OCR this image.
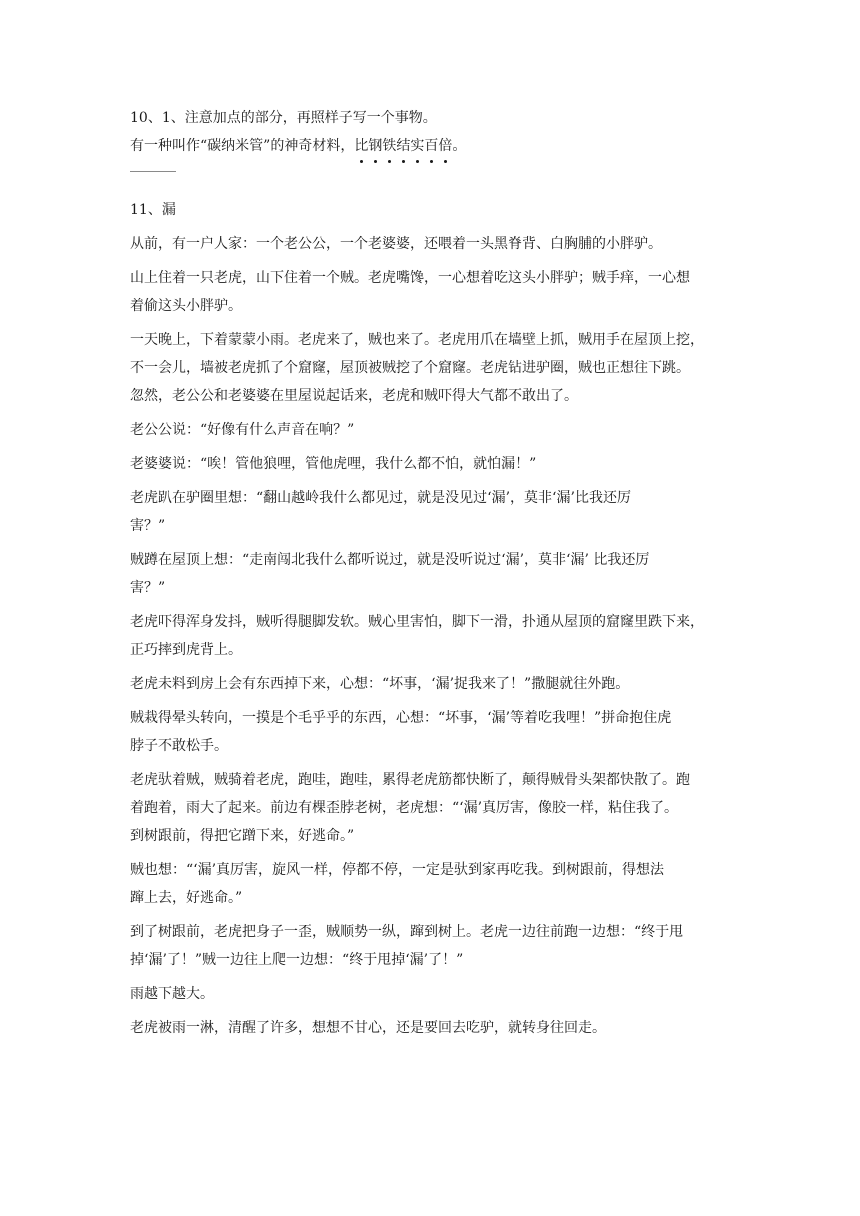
10、1、注意加点的部分，再照样子写一个事物。

有一种叫作“碳纳米管”的神奇材料，比钢铁结实百倍。

11、漏

从前，有一户人家：一个老公公，一个老婆婆，还喂着一头黑脊背、白胸脯的小胖驴。

山上住着一只老虎，山下住着一个贼。老虎嘴馋，一心想着吃这头小胖驴；贼手痒，一心想
着偷这头小胖驴。

一天晚上，下着蒙蒙小雨。老虎来了，贼也来了。老虎用爪在墙壁上抓，贼用手在屋顶上挖，
不一会儿，墙被老虎抓了个窟窿，屋顶被贼挖了个窟窿。老虎钻进驴圈，贼也正想往下跳。
忽然，老公公和老婆婆在里屋说起话来，老虎和贼吓得大气都不敢出了。

老公公说：“好像有什么声音在响？”

老婆婆说：“唉！管他狼哩，管他虎哩，我什么都不怕，就怕漏！”

老虎趴在驴圈里想：“翻山越岭我什么都见过，就是没见过‘漏’，莫非‘漏’比我还厉
害？”

贼蹲在屋顶上想：“走南闯北我什么都听说过，就是没听说过‘漏’，莫非‘漏’ 比我还厉
害？”

老虎吓得浑身发抖，贼听得腿脚发软。贼心里害怕，脚下一滑，扑通从屋顶的窟窿里跌下来，
正巧摔到虎背上。

老虎未料到房上会有东西掉下来，心想：“坏事，‘漏’捉我来了！”撒腿就往外跑。

贼栽得晕头转向，一摸是个毛乎乎的东西，心想：“坏事，‘漏’等着吃我哩！”拼命抱住虎
脖子不敢松手。

老虎驮着贼，贼骑着老虎，跑哇，跑哇，累得老虎筋都快断了，颠得贼骨头架都快散了。跑
着跑着，雨大了起来。前边有棵歪脖老树，老虎想：“‘漏’真厉害，像胶一样，粘住我了。
到树跟前，得把它蹭下来，好逃命。”

贼也想：“‘漏’真厉害，旋风一样，停都不停，一定是驮到家再吃我。到树跟前，得想法
蹿上去，好逃命。”

到了树跟前，老虎把身子一歪，贼顺势一纵，蹿到树上。老虎一边往前跑一边想：“终于甩
掉‘漏’了！”贼一边往上爬一边想：“终于甩掉‘漏’了！”

雨越下越大。

老虎被雨一淋，清醒了许多，想想不甘心，还是要回去吃驴，就转身往回走。
